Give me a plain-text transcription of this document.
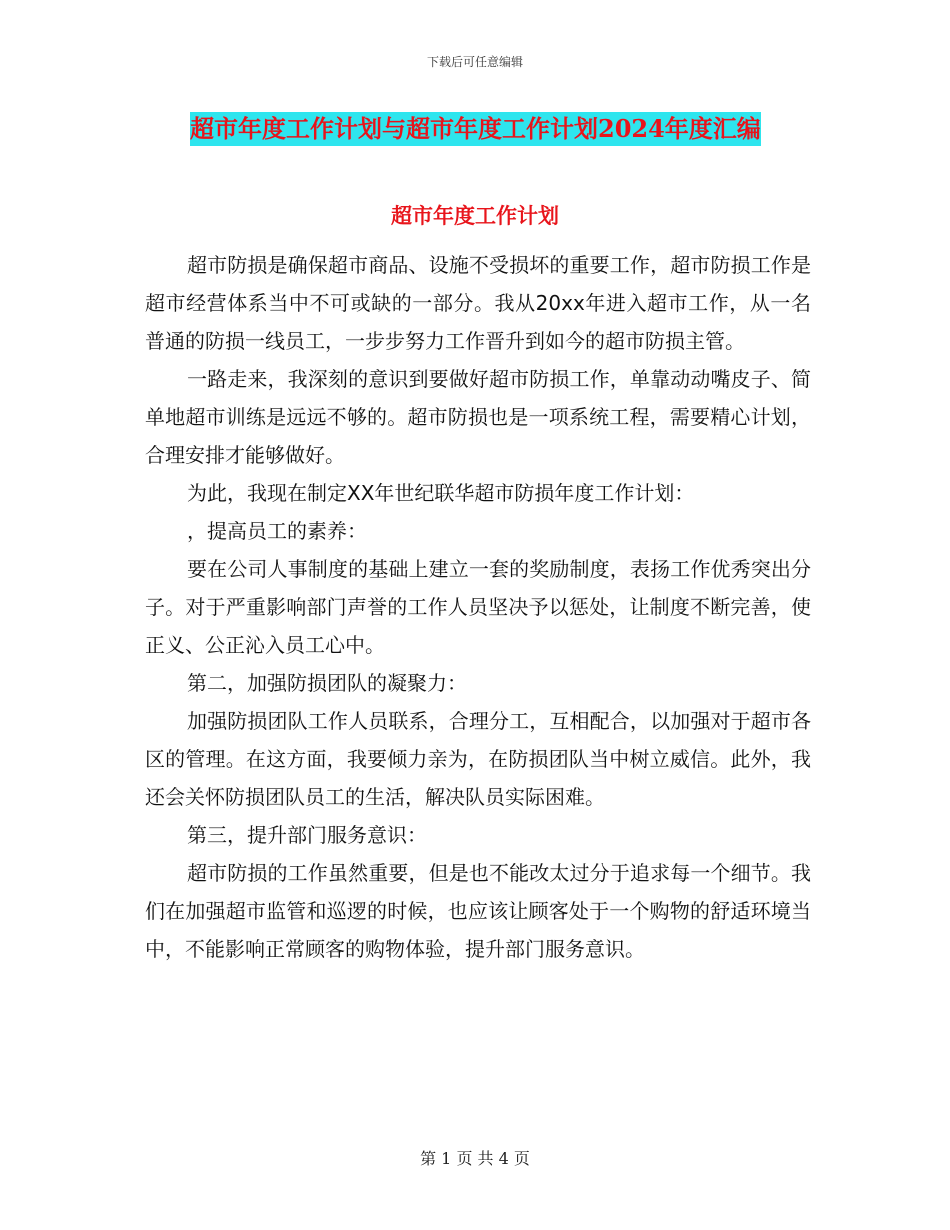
下载后可任意编辑
超市年度工作计划与超市年度工作计划2024年度汇编
超市年度工作计划

超市防损是确保超市商品、设施不受损坏的重要工作，超市防损工作是超市经营体系当中不可或缺的一部分。我从20xx年进入超市工作，从一名普通的防损一线员工，一步步努力工作晋升到如今的超市防损主管。

一路走来，我深刻的意识到要做好超市防损工作，单靠动动嘴皮子、简单地超市训练是远远不够的。超市防损也是一项系统工程，需要精心计划，合理安排才能够做好。

为此，我现在制定XX年世纪联华超市防损年度工作计划：

，提高员工的素养：

要在公司人事制度的基础上建立一套的奖励制度，表扬工作优秀突出分子。对于严重影响部门声誉的工作人员坚决予以惩处，让制度不断完善，使正义、公正沁入员工心中。

第二，加强防损团队的凝聚力：

加强防损团队工作人员联系，合理分工，互相配合，以加强对于超市各区的管理。在这方面，我要倾力亲为，在防损团队当中树立威信。此外，我还会关怀防损团队员工的生活，解决队员实际困难。

第三，提升部门服务意识：

超市防损的工作虽然重要，但是也不能改太过分于追求每一个细节。我们在加强超市监管和巡逻的时候，也应该让顾客处于一个购物的舒适环境当中，不能影响正常顾客的购物体验，提升部门服务意识。

第 1 页 共 4 页
